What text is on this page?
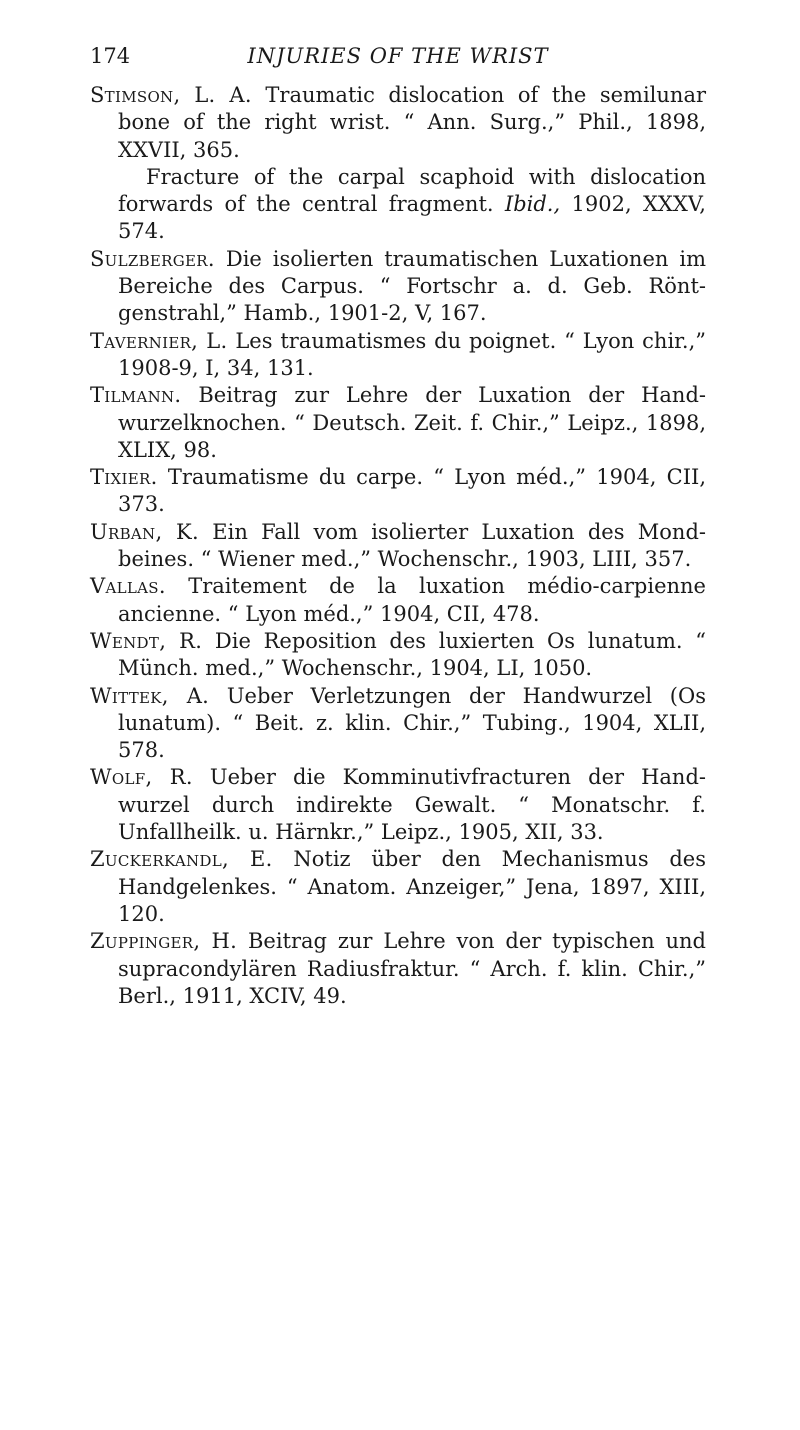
174	INJURIES OF THE WRIST

Stimson, L. A. Traumatic dislocation of the semilunar bone of the right wrist. “ Ann. Surg.,” Phil., 1898, XXVII, 365.

Fracture of the carpal scaphoid with dislocation forwards of the central fragment. Ibid., 1902, XXXV, 574.

Sulzberger. Die isolierten traumatischen Luxationen im Bereiche des Carpus. “ Fortschr a. d. Geb. Rönt-genstrahl,” Hamb., 1901-2, V, 167.

Tavernier, L. Les traumatismes du poignet. “ Lyon chir.,” 1908-9, I, 34, 131.

Tilmann. Beitrag zur Lehre der Luxation der Hand-wurzelknochen. “ Deutsch. Zeit. f. Chir.,” Leipz., 1898, XLIX, 98.

Tixier. Traumatisme du carpe. “ Lyon méd.,” 1904, CII, 373.

Urban, K. Ein Fall vom isolierter Luxation des Mond-beines. “ Wiener med.,” Wochenschr., 1903, LIII, 357.

Vallas. Traitement de la luxation médio-carpienne ancienne. “ Lyon méd.,” 1904, CII, 478.

Wendt, R. Die Reposition des luxierten Os lunatum. “ Münch. med.,” Wochenschr., 1904, LI, 1050.

Wittek, A. Ueber Verletzungen der Handwurzel (Os lunatum). “ Beit. z. klin. Chir.,” Tubing., 1904, XLII, 578.

Wolf, R. Ueber die Komminutivfracturen der Hand-wurzel durch indirekte Gewalt. “ Monatschr. f. Unfallheilk. u. Härnkr.,” Leipz., 1905, XII, 33.

Zuckerkandl, E. Notiz über den Mechanismus des Handgelenkes. “ Anatom. Anzeiger,” Jena, 1897, XIII, 120.

Zuppinger, H. Beitrag zur Lehre von der typischen und supracondylären Radiusfraktur. “ Arch. f. klin. Chir.,” Berl., 1911, XCIV, 49.
